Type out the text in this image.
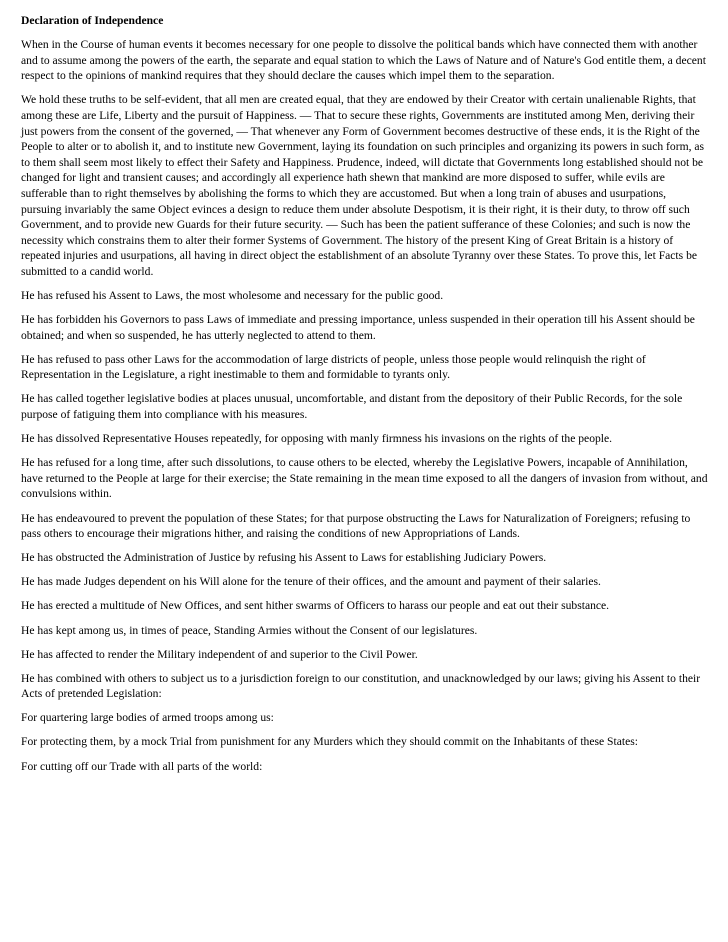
Declaration of Independence

When in the Course of human events it becomes necessary for one people to dissolve the political bands which have connected them with another and to assume among the powers of the earth, the separate and equal station to which the Laws of Nature and of Nature's God entitle them, a decent respect to the opinions of mankind requires that they should declare the causes which impel them to the separation.

We hold these truths to be self-evident, that all men are created equal, that they are endowed by their Creator with certain unalienable Rights, that among these are Life, Liberty and the pursuit of Happiness. — That to secure these rights, Governments are instituted among Men, deriving their just powers from the consent of the governed, — That whenever any Form of Government becomes destructive of these ends, it is the Right of the People to alter or to abolish it, and to institute new Government, laying its foundation on such principles and organizing its powers in such form, as to them shall seem most likely to effect their Safety and Happiness. Prudence, indeed, will dictate that Governments long established should not be changed for light and transient causes; and accordingly all experience hath shewn that mankind are more disposed to suffer, while evils are sufferable than to right themselves by abolishing the forms to which they are accustomed. But when a long train of abuses and usurpations, pursuing invariably the same Object evinces a design to reduce them under absolute Despotism, it is their right, it is their duty, to throw off such Government, and to provide new Guards for their future security. — Such has been the patient sufferance of these Colonies; and such is now the necessity which constrains them to alter their former Systems of Government. The history of the present King of Great Britain is a history of repeated injuries and usurpations, all having in direct object the establishment of an absolute Tyranny over these States. To prove this, let Facts be submitted to a candid world.

He has refused his Assent to Laws, the most wholesome and necessary for the public good.

He has forbidden his Governors to pass Laws of immediate and pressing importance, unless suspended in their operation till his Assent should be obtained; and when so suspended, he has utterly neglected to attend to them.

He has refused to pass other Laws for the accommodation of large districts of people, unless those people would relinquish the right of Representation in the Legislature, a right inestimable to them and formidable to tyrants only.

He has called together legislative bodies at places unusual, uncomfortable, and distant from the depository of their Public Records, for the sole purpose of fatiguing them into compliance with his measures.

He has dissolved Representative Houses repeatedly, for opposing with manly firmness his invasions on the rights of the people.

He has refused for a long time, after such dissolutions, to cause others to be elected, whereby the Legislative Powers, incapable of Annihilation, have returned to the People at large for their exercise; the State remaining in the mean time exposed to all the dangers of invasion from without, and convulsions within.

He has endeavoured to prevent the population of these States; for that purpose obstructing the Laws for Naturalization of Foreigners; refusing to pass others to encourage their migrations hither, and raising the conditions of new Appropriations of Lands.

He has obstructed the Administration of Justice by refusing his Assent to Laws for establishing Judiciary Powers.

He has made Judges dependent on his Will alone for the tenure of their offices, and the amount and payment of their salaries.

He has erected a multitude of New Offices, and sent hither swarms of Officers to harass our people and eat out their substance.

He has kept among us, in times of peace, Standing Armies without the Consent of our legislatures.

He has affected to render the Military independent of and superior to the Civil Power.

He has combined with others to subject us to a jurisdiction foreign to our constitution, and unacknowledged by our laws; giving his Assent to their Acts of pretended Legislation:

For quartering large bodies of armed troops among us:

For protecting them, by a mock Trial from punishment for any Murders which they should commit on the Inhabitants of these States:

For cutting off our Trade with all parts of the world:
